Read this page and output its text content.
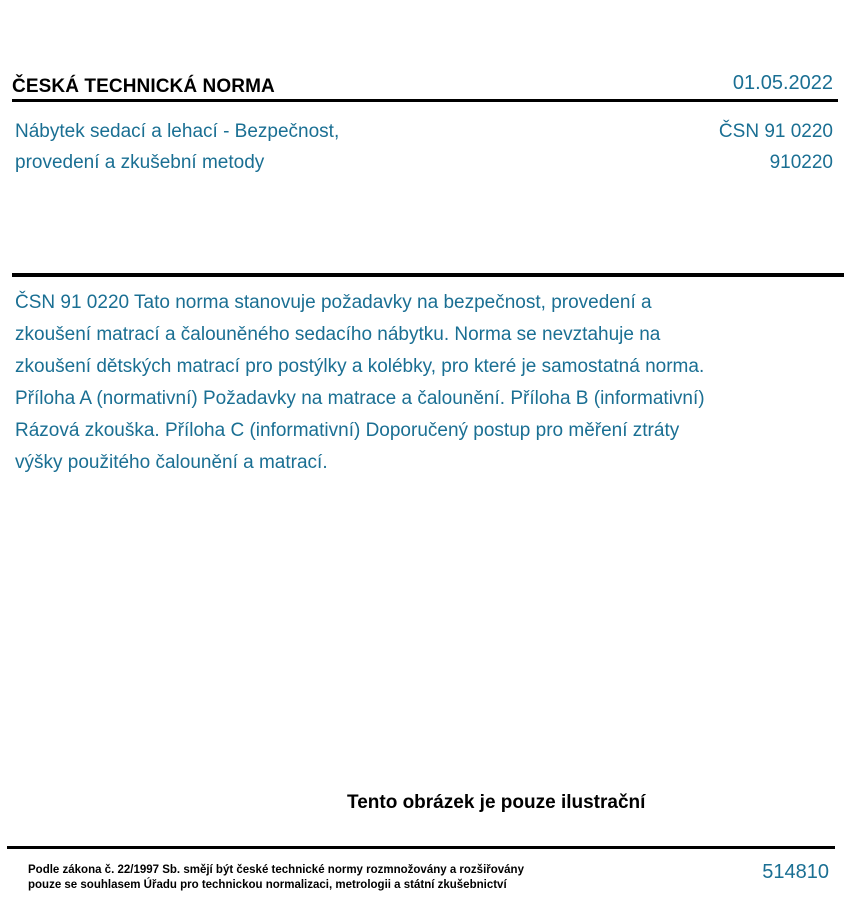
ČESKÁ TECHNICKÁ NORMA	01.05.2022
Nábytek sedací a lehací - Bezpečnost,
provedení a zkušební metody
ČSN 91 0220
910220
ČSN 91 0220 Tato norma stanovuje požadavky na bezpečnost, provedení a zkoušení matrací a čalouněného sedacího nábytku. Norma se nevztahuje na zkoušení dětských matrací pro postýlky a kolébky, pro které je samostatná norma. Příloha A (normativní) Požadavky na matrace a čalounění. Příloha B (informativní) Rázová zkouška. Příloha C (informativní) Doporučený postup pro měření ztráty výšky použitého čalounění a matrací.
Tento obrázek je pouze ilustrační
Podle zákona č. 22/1997 Sb. smějí být české technické normy rozmnožovány a rozšiřovány
pouze se souhlasem Úřadu pro technickou normalizaci, metrologii a státní zkušebnictví
514810
